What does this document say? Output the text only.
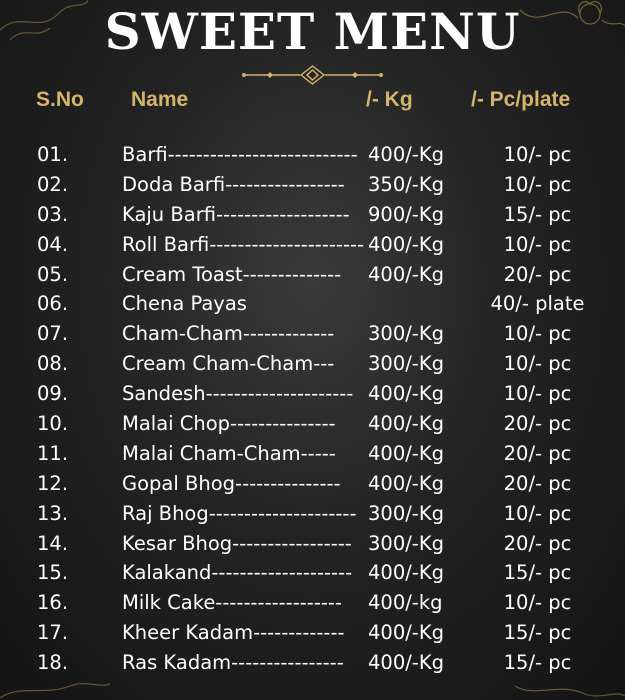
SWEET MENU
S.No Name	/- Kg	/- Pc/plate
01.	Barfi--------------------------- 400/-Kg	10/- pc
02.	Doda Barfi----------------- 350/-Kg	10/- pc
03.	Kaju Barfi------------------- 900/-Kg	15/- pc
04.	Roll Barfi---------------------- 400/-Kg	10/- pc
05.	Cream Toast-------------- 400/-Kg	20/- pc
06.	Chena Payas	40/- plate
07.	Cham-Cham------------- 300/-Kg	10/- pc
08.	Cream Cham-Cham--- 300/-Kg	10/- pc
09.	Sandesh--------------------- 400/-Kg	10/- pc
10.	Malai Chop--------------- 400/-Kg	20/- pc
11.	Malai Cham-Cham----- 400/-Kg	20/- pc
12.	Gopal Bhog--------------- 400/-Kg	20/- pc
13.	Raj Bhog--------------------- 300/-Kg	10/- pc
14.	Kesar Bhog----------------- 300/-Kg	20/- pc
15.	Kalakand-------------------- 400/-Kg	15/- pc
16.	Milk Cake------------------ 400/-kg	10/- pc
17.	Kheer Kadam------------- 400/-Kg	15/- pc
18.	Ras Kadam---------------- 400/-Kg	15/- pc
